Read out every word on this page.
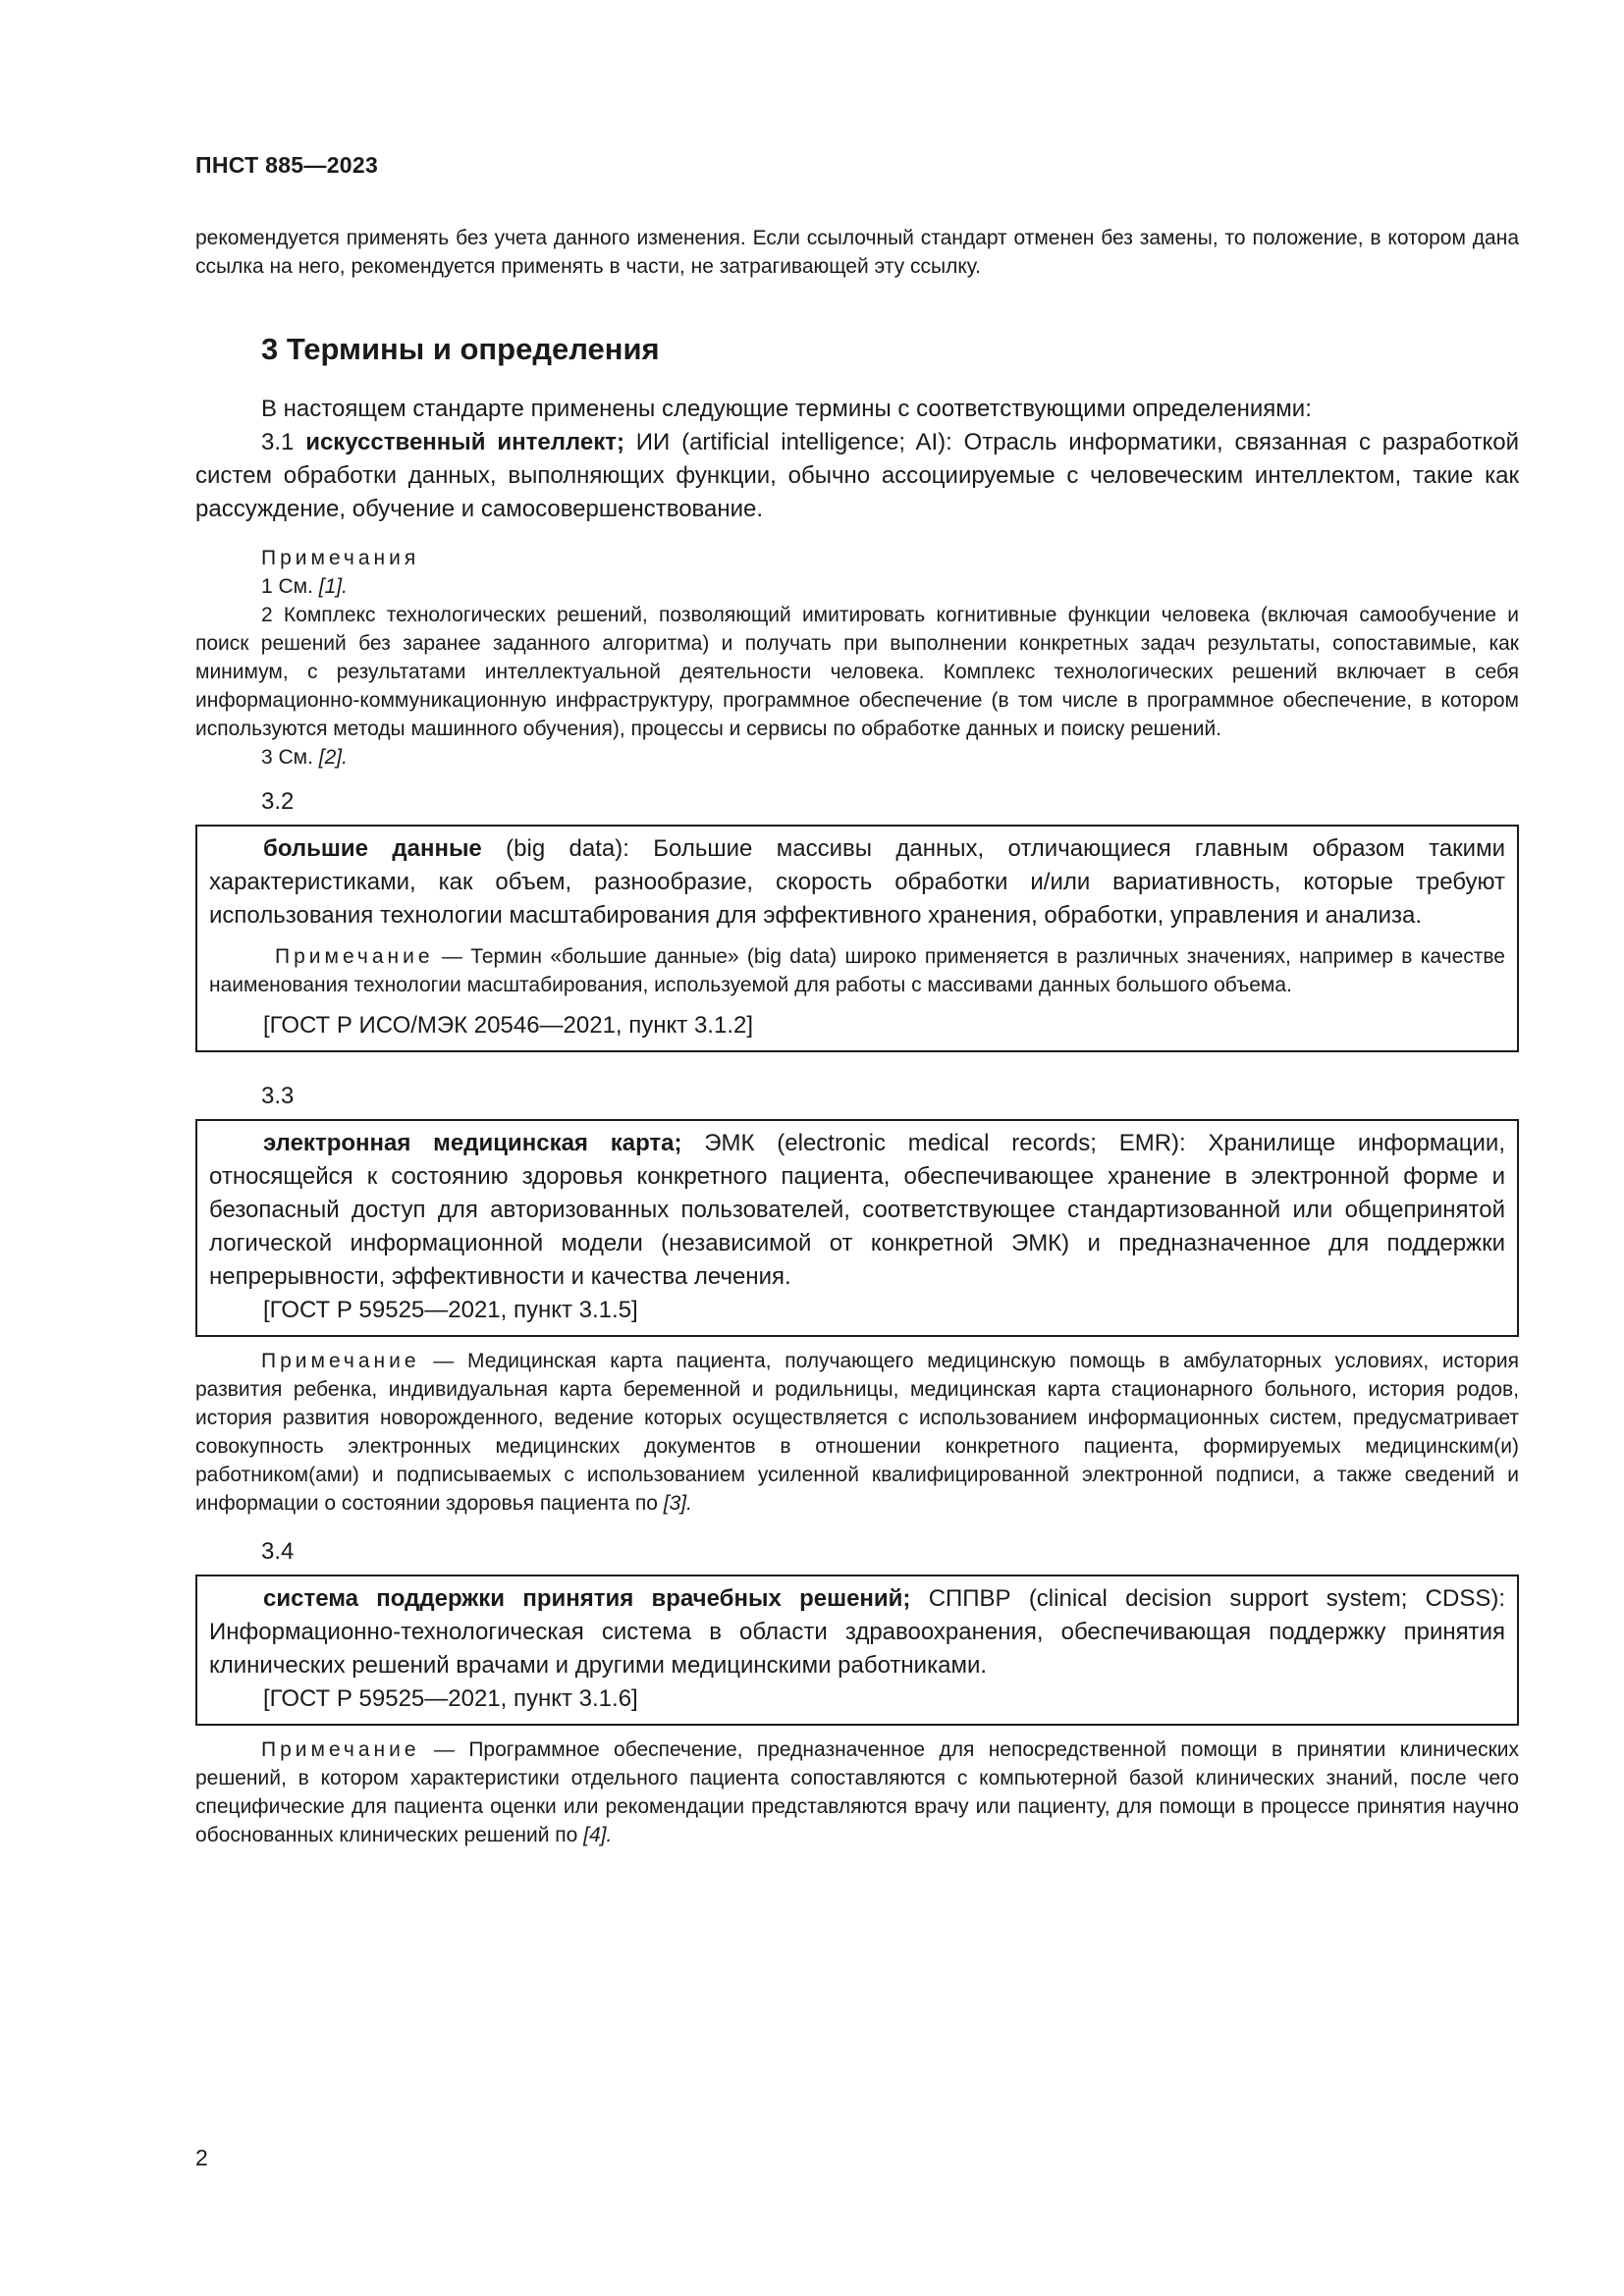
ПНСТ 885—2023

рекомендуется применять без учета данного изменения. Если ссылочный стандарт отменен без замены, то положение, в котором дана ссылка на него, рекомендуется применять в части, не затрагивающей эту ссылку.

3 Термины и определения

В настоящем стандарте применены следующие термины с соответствующими определениями:

3.1 искусственный интеллект; ИИ (artificial intelligence; AI): Отрасль информатики, связанная с разработкой систем обработки данных, выполняющих функции, обычно ассоциируемые с человеческим интеллектом, такие как рассуждение, обучение и самосовершенствование.

Примечания

1 См. [1].

2 Комплекс технологических решений, позволяющий имитировать когнитивные функции человека (включая самообучение и поиск решений без заранее заданного алгоритма) и получать при выполнении конкретных задач результаты, сопоставимые, как минимум, с результатами интеллектуальной деятельности человека. Комплекс технологических решений включает в себя информационно-коммуникационную инфраструктуру, программное обеспечение (в том числе в программное обеспечение, в котором используются методы машинного обучения), процессы и сервисы по обработке данных и поиску решений.

3 См. [2].

3.2

большие данные (big data): Большие массивы данных, отличающиеся главным образом такими характеристиками, как объем, разнообразие, скорость обработки и/или вариативность, которые требуют использования технологии масштабирования для эффективного хранения, обработки, управления и анализа.

Примечание — Термин «большие данные» (big data) широко применяется в различных значениях, например в качестве наименования технологии масштабирования, используемой для работы с массивами данных большого объема.

[ГОСТ Р ИСО/МЭК 20546—2021, пункт 3.1.2]

3.3

электронная медицинская карта; ЭМК (electronic medical records; EMR): Хранилище информации, относящейся к состоянию здоровья конкретного пациента, обеспечивающее хранение в электронной форме и безопасный доступ для авторизованных пользователей, соответствующее стандартизованной или общепринятой логической информационной модели (независимой от конкретной ЭМК) и предназначенное для поддержки непрерывности, эффективности и качества лечения.

[ГОСТ Р 59525—2021, пункт 3.1.5]

Примечание — Медицинская карта пациента, получающего медицинскую помощь в амбулаторных условиях, история развития ребенка, индивидуальная карта беременной и родильницы, медицинская карта стационарного больного, история родов, история развития новорожденного, ведение которых осуществляется с использованием информационных систем, предусматривает совокупность электронных медицинских документов в отношении конкретного пациента, формируемых медицинским(и) работником(ами) и подписываемых с использованием усиленной квалифицированной электронной подписи, а также сведений и информации о состоянии здоровья пациента по [3].

3.4

система поддержки принятия врачебных решений; СППВР (clinical decision support system; CDSS): Информационно-технологическая система в области здравоохранения, обеспечивающая поддержку принятия клинических решений врачами и другими медицинскими работниками.

[ГОСТ Р 59525—2021, пункт 3.1.6]

Примечание — Программное обеспечение, предназначенное для непосредственной помощи в принятии клинических решений, в котором характеристики отдельного пациента сопоставляются с компьютерной базой клинических знаний, после чего специфические для пациента оценки или рекомендации представляются врачу или пациенту, для помощи в процессе принятия научно обоснованных клинических решений по [4].

2
